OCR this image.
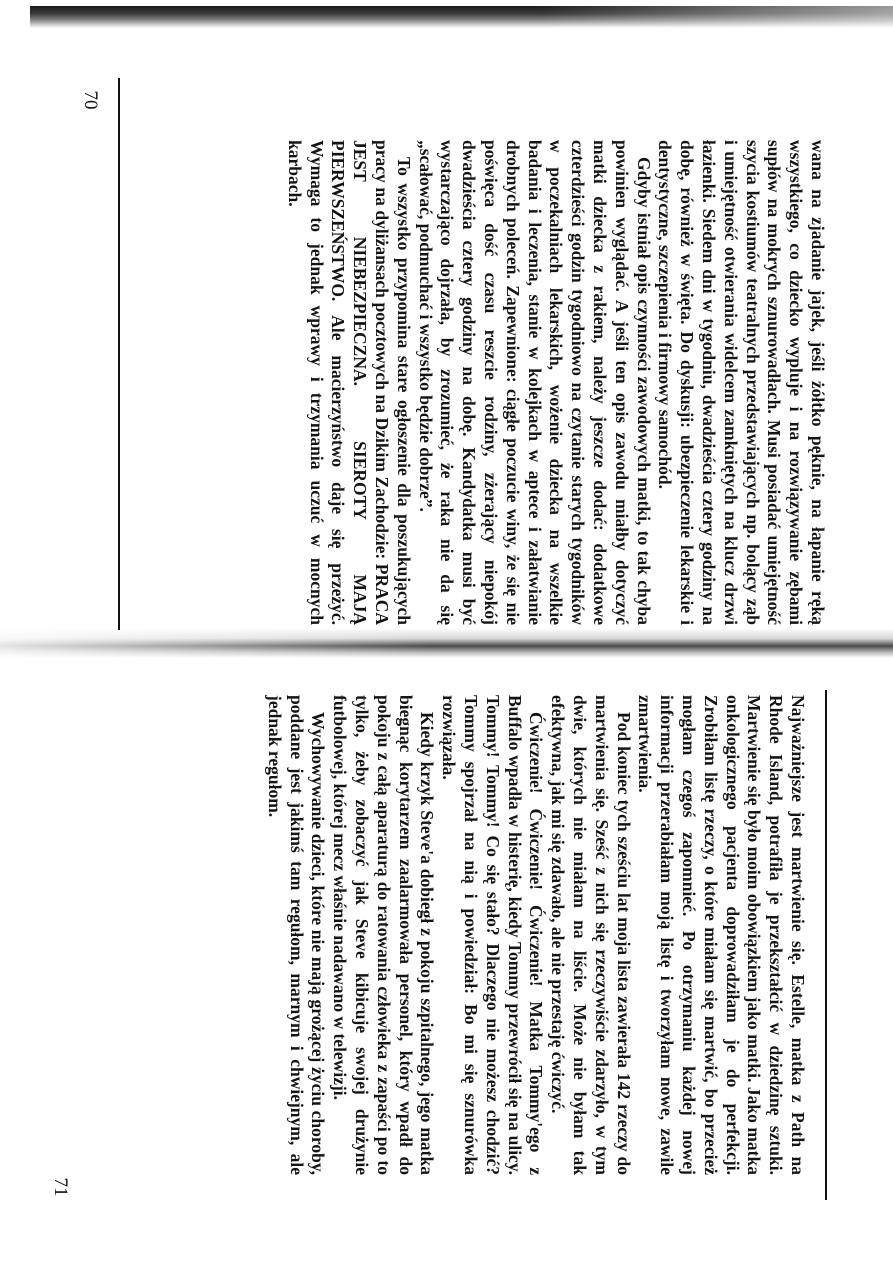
70

wana na zjadanie jajek, jeśli żółtko pęknie, na łapanie ręką wszystkiego, co dziecko wypluje i na rozwiązywanie zębami supłów na mokrych sznurowadłach. Musi posiadać umiejętność szycia kostiumów teatralnych przedstawiających np. bolący ząb i umiejętność otwierania widelcem zamkniętych na klucz drzwi łazienki. Siedem dni w tygodniu, dwadzieścia cztery godziny na dobę, również w święta. Do dyskusji: ubezpieczenie lekarskie i dentystyczne, szczepienia i firmowy samochód.

Gdyby istniał opis czynności zawodowych matki, to tak chyba powinien wyglądać. A jeśli ten opis zawodu miałby dotyczyć matki dziecka z rakiem, należy jeszcze dodać: dodatkowe czterdzieści godzin tygodniowo na czytanie starych tygodników w poczekalniach lekarskich, wożenie dziecka na wszelkie badania i leczenia, stanie w kolejkach w aptece i załatwianie drobnych poleceń. Zapewnione: ciągłe poczucie winy, że się nie poświęca dość czasu reszcie rodziny, zżerający niepokój dwadzieścia cztery godziny na dobę. Kandydatka musi być wystarczająco dojrzała, by zrozumieć, że raka nie da się „scałować, podmuchać i wszystko będzie dobrze”.

To wszystko przypomina stare ogłoszenie dla poszukujących pracy na dyliżansach pocztowych na Dzikim Zachodzie: PRACA JEST NIEBEZPIECZNA. SIEROTY MAJĄ PIERWSZEŃSTWO. Ale macierzyństwo daje się przeżyć. Wymaga to jednak wprawy i trzymania uczuć w mocnych karbach.

71

Najważniejsze jest martwienie się. Estelle, matka z Path na Rhode Island, potrafiła je przekształcić w dziedzinę sztuki. Martwienie się było moim obowiązkiem jako matki. Jako matka onkologicznego pacjenta doprowadziłam je do perfekcji. Zrobiłam listę rzeczy, o które miałam się martwić, bo przecież mogłam czegoś zapomnieć. Po otrzymaniu każdej nowej informacji przerabiałam moją listę i tworzyłam nowe, zawile zmartwienia.

Pod koniec tych sześciu lat moja lista zawierała 142 rzeczy do martwienia się. Sześć z nich się rzeczywiście zdarzyło, w tym dwie, których nie miałam na liście. Może nie byłam tak efektywna, jak mi się zdawało, ale nie przestaję ćwiczyć.

Ćwiczenie! Ćwiczenie! Ćwiczenie! Matka Tommy'ego z Buffalo wpadła w histerię, kiedy Tommy przewrócił się na ulicy. Tommy! Tommy! Co się stało? Dlaczego nie możesz chodzić? Tommy spojrzał na nią i powiedział: Bo mi się sznurówka rozwiązała.

Kiedy krzyk Steve'a dobiegł z pokoju szpitalnego, jego matka biegnąc korytarzem zaalarmowała personel, który wpadł do pokoju z całą aparaturą do ratowania człowieka z zapaści po to tylko, żeby zobaczyć jak Steve kibicuje swojej drużynie futbolowej, której mecz właśnie nadawano w telewizji.

Wychowywanie dzieci, które nie mają grożącej życiu choroby, poddane jest jakimś tam regułom, marnym i chwiejnym, ale jednak regułom.
